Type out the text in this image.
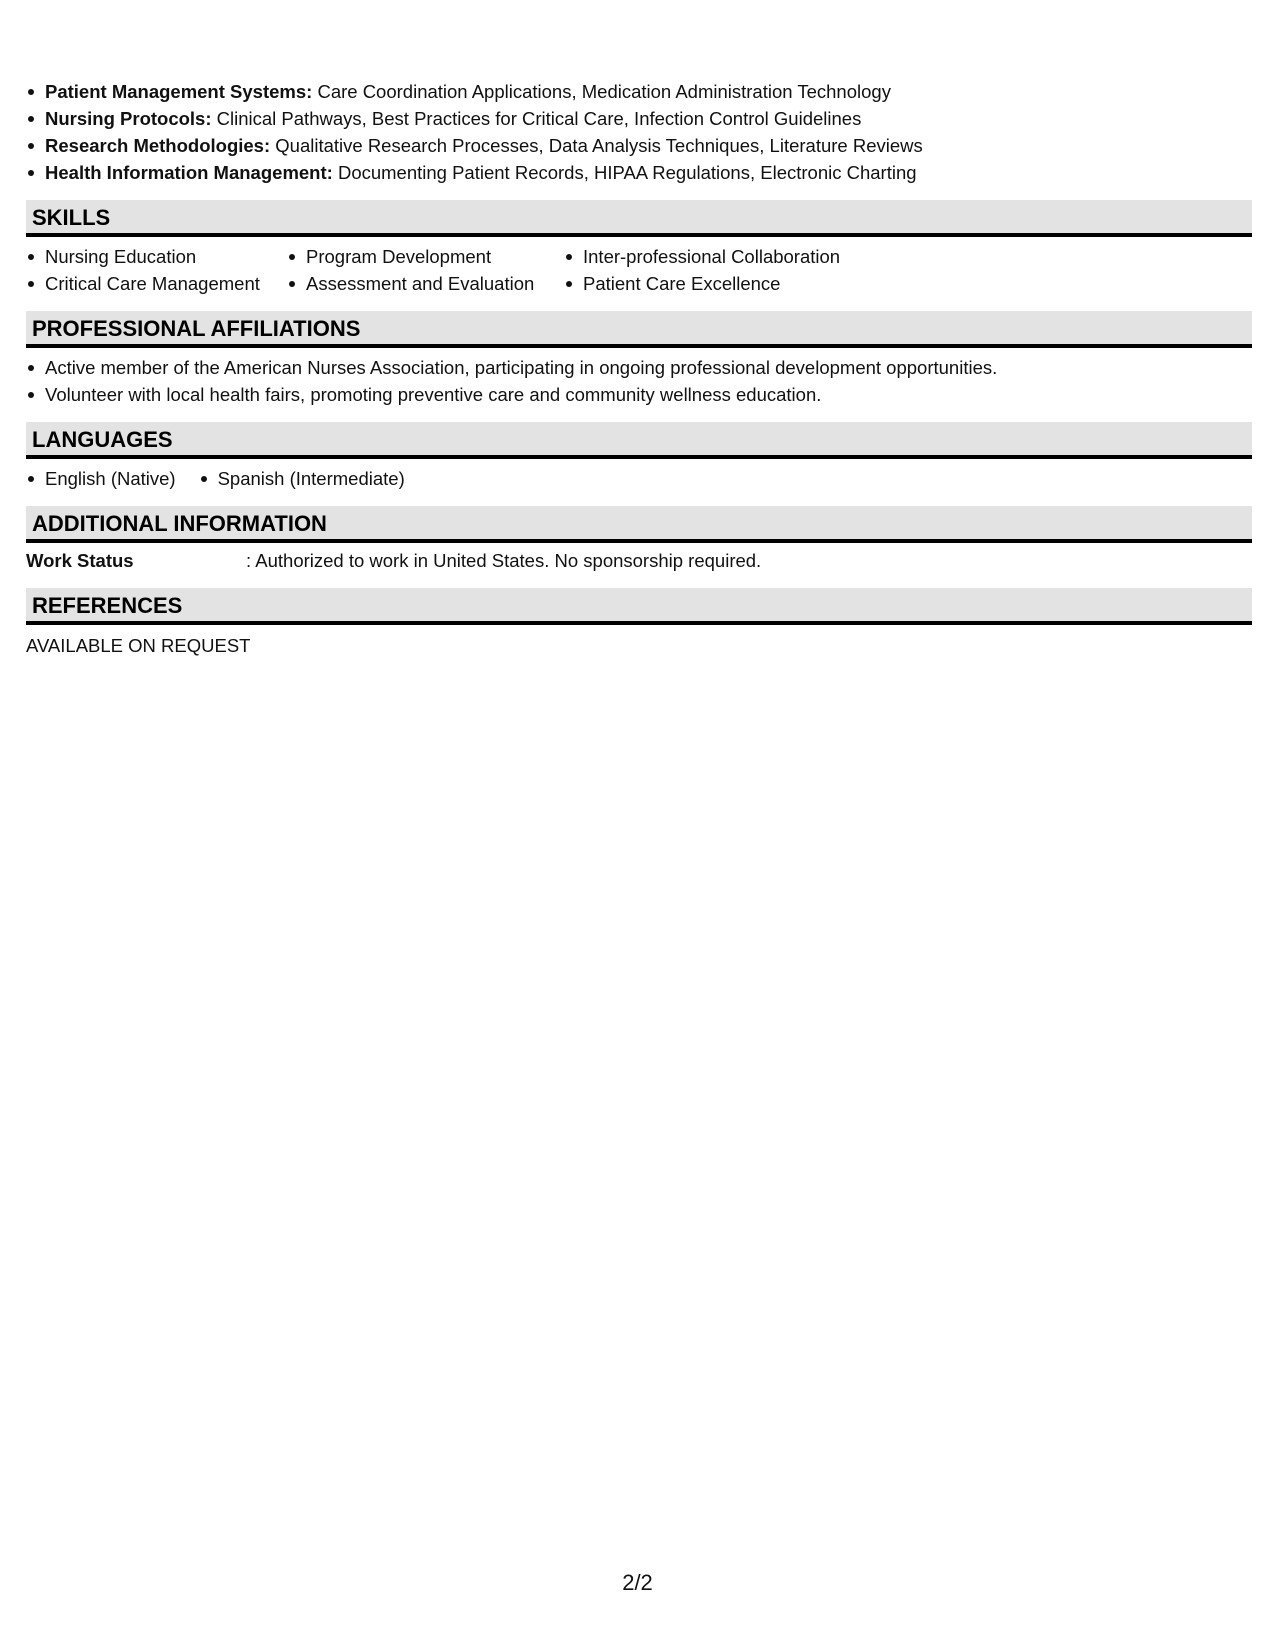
Patient Management Systems: Care Coordination Applications, Medication Administration Technology
Nursing Protocols: Clinical Pathways, Best Practices for Critical Care, Infection Control Guidelines
Research Methodologies: Qualitative Research Processes, Data Analysis Techniques, Literature Reviews
Health Information Management: Documenting Patient Records, HIPAA Regulations, Electronic Charting
SKILLS
Nursing Education	Program Development	Inter-professional Collaboration
Critical Care Management	Assessment and Evaluation	Patient Care Excellence
PROFESSIONAL AFFILIATIONS
Active member of the American Nurses Association, participating in ongoing professional development opportunities.
Volunteer with local health fairs, promoting preventive care and community wellness education.
LANGUAGES
English (Native)	Spanish (Intermediate)
ADDITIONAL INFORMATION
Work Status	: Authorized to work in United States. No sponsorship required.
REFERENCES
AVAILABLE ON REQUEST
2/2
